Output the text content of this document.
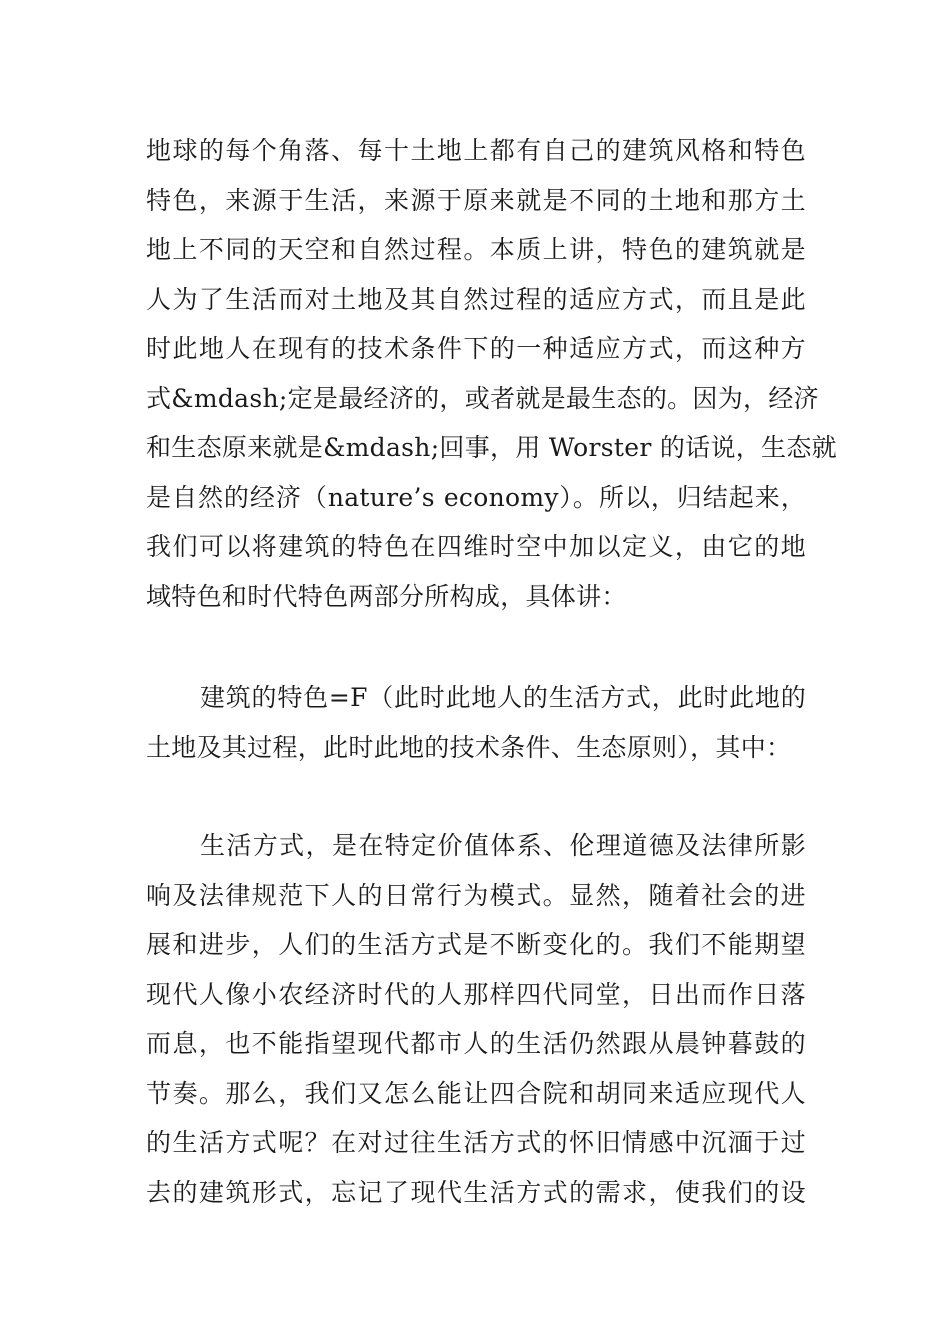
地球的每个角落、每十土地上都有自己的建筑风格和特色
特色，来源于生活，来源于原来就是不同的土地和那方土
地上不同的天空和自然过程。本质上讲，特色的建筑就是
人为了生活而对土地及其自然过程的适应方式，而且是此
时此地人在现有的技术条件下的一种适应方式，而这种方
式&mdash;定是最经济的，或者就是最生态的。因为，经济
和生态原来就是&mdash;回事，用 Worster 的话说，生态就
是自然的经济（nature’s economy）。所以，归结起来，
我们可以将建筑的特色在四维时空中加以定义，由它的地
域特色和时代特色两部分所构成，具体讲：
建筑的特色=F（此时此地人的生活方式，此时此地的
土地及其过程，此时此地的技术条件、生态原则），其中：
生活方式，是在特定价值体系、伦理道德及法律所影
响及法律规范下人的日常行为模式。显然，随着社会的进
展和进步，人们的生活方式是不断变化的。我们不能期望
现代人像小农经济时代的人那样四代同堂，日出而作日落
而息，也不能指望现代都市人的生活仍然跟从晨钟暮鼓的
节奏。那么，我们又怎么能让四合院和胡同来适应现代人
的生活方式呢？在对过往生活方式的怀旧情感中沉湎于过
去的建筑形式，忘记了现代生活方式的需求，使我们的设
